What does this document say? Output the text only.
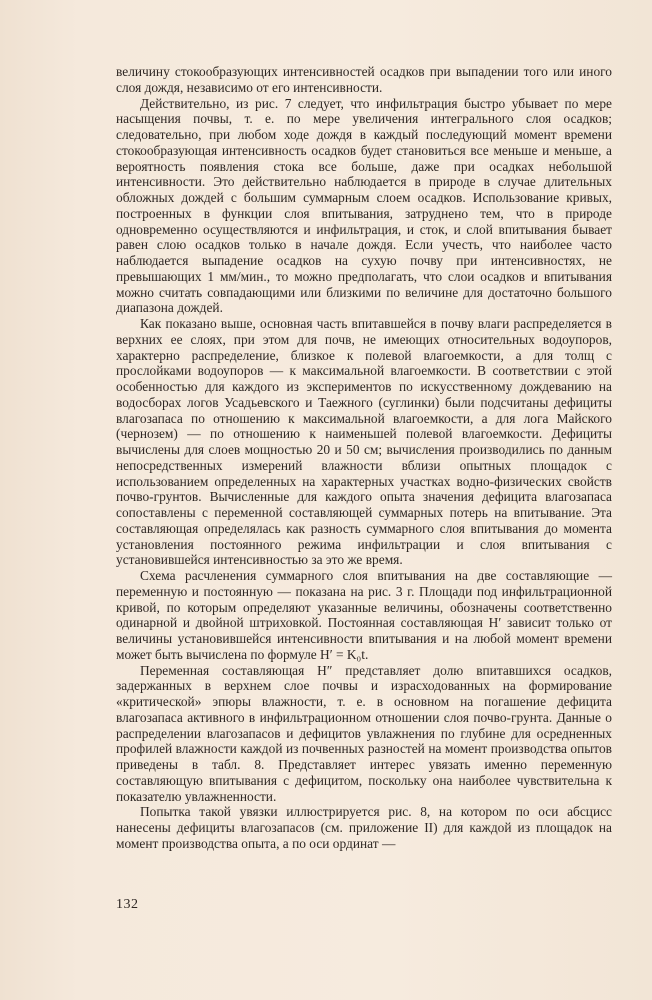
величину стокообразующих интенсивностей осадков при выпадении того или иного слоя дождя, независимо от его интенсивности.

Действительно, из рис. 7 следует, что инфильтрация быстро убывает по мере насыщения почвы, т. е. по мере увеличения интегрального слоя осадков; следовательно, при любом ходе дождя в каждый последующий момент времени стокообразующая интенсивность осадков будет становиться все меньше и меньше, а вероятность появления стока все больше, даже при осадках небольшой интенсивности. Это действительно наблюдается в природе в случае длительных обложных дождей с большим суммарным слоем осадков. Использование кривых, построенных в функции слоя впитывания, затруднено тем, что в природе одновременно осуществляются и инфильтрация, и сток, и слой впитывания бывает равен слою осадков только в начале дождя. Если учесть, что наиболее часто наблюдается выпадение осадков на сухую почву при интенсивностях, не превышающих 1 мм/мин., то можно предполагать, что слои осадков и впитывания можно считать совпадающими или близкими по величине для достаточно большого диапазона дождей.

Как показано выше, основная часть впитавшейся в почву влаги распределяется в верхних ее слоях, при этом для почв, не имеющих относительных водоупоров, характерно распределение, близкое к полевой влагоемкости, а для толщ с прослойками водоупоров — к максимальной влагоемкости. В соответствии с этой особенностью для каждого из экспериментов по искусственному дождеванию на водосборах логов Усадьевского и Таежного (суглинки) были подсчитаны дефициты влагозапаса по отношению к максимальной влагоемкости, а для лога Майского (чернозем) — по отношению к наименьшей полевой влагоемкости. Дефициты вычислены для слоев мощностью 20 и 50 см; вычисления производились по данным непосредственных измерений влажности вблизи опытных площадок с использованием определенных на характерных участках водно-физических свойств почво-грунтов. Вычисленные для каждого опыта значения дефицита влагозапаса сопоставлены с переменной составляющей суммарных потерь на впитывание. Эта составляющая определялась как разность суммарного слоя впитывания до момента установления постоянного режима инфильтрации и слоя впитывания с установившейся интенсивностью за это же время.

Схема расчленения суммарного слоя впитывания на две составляющие — переменную и постоянную — показана на рис. 3 г. Площади под инфильтрационной кривой, по которым определяют указанные величины, обозначены соответственно одинарной и двойной штриховкой. Постоянная составляющая H′ зависит только от величины установившейся интенсивности впитывания и на любой момент времени может быть вычислена по формуле H′ = K₀t.

Переменная составляющая H″ представляет долю впитавшихся осадков, задержанных в верхнем слое почвы и израсходованных на формирование «критической» эпюры влажности, т. е. в основном на погашение дефицита влагозапаса активного в инфильтрационном отношении слоя почво-грунта. Данные о распределении влагозапасов и дефицитов увлажнения по глубине для осредненных профилей влажности каждой из почвенных разностей на момент производства опытов приведены в табл. 8. Представляет интерес увязать именно переменную составляющую впитывания с дефицитом, поскольку она наиболее чувствительна к показателю увлажненности.

Попытка такой увязки иллюстрируется рис. 8, на котором по оси абсцисс нанесены дефициты влагозапасов (см. приложение II) для каждой из площадок на момент производства опыта, а по оси ординат —

132
